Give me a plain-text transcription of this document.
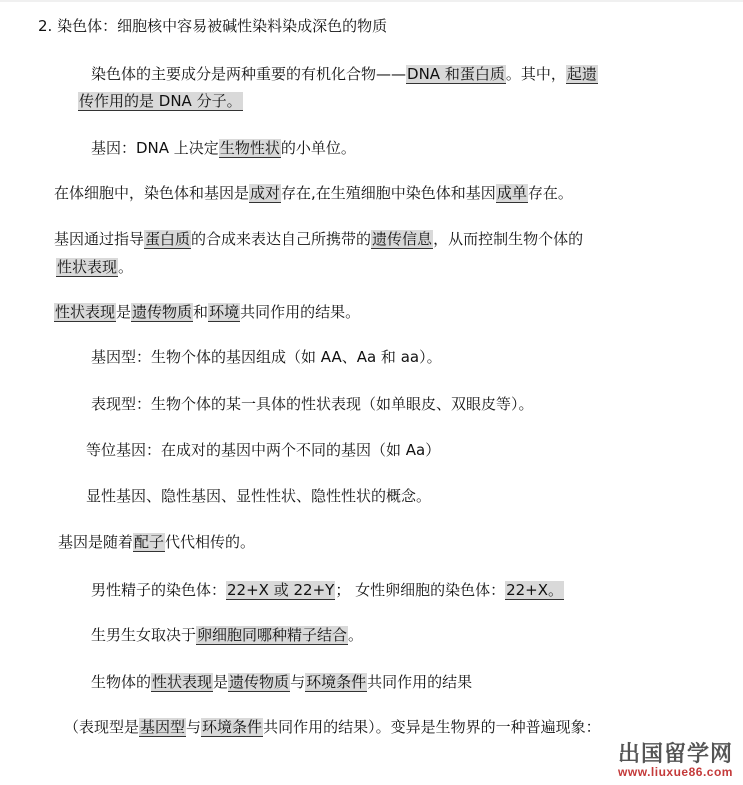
2. 染色体：细胞核中容易被碱性染料染成深色的物质
染色体的主要成分是两种重要的有机化合物——DNA 和蛋白质。其中，起遗
传作用的是 DNA 分子。
基因：DNA 上决定生物性状的小单位。
在体细胞中，染色体和基因是成对存在,在生殖细胞中染色体和基因成单存在。
基因通过指导蛋白质的合成来表达自己所携带的遗传信息，从而控制生物个体的
性状表现。
性状表现是遗传物质和环境共同作用的结果。
基因型：生物个体的基因组成（如 AA、Aa 和 aa）。
表现型：生物个体的某一具体的性状表现（如单眼皮、双眼皮等）。
等位基因：在成对的基因中两个不同的基因（如 Aa）
显性基因、隐性基因、显性性状、隐性性状的概念。
基因是随着配子代代相传的。
男性精子的染色体：22+X 或 22+Y； 女性卵细胞的染色体：22+X。
生男生女取决于卵细胞同哪种精子结合。
生物体的性状表现是遗传物质与环境条件共同作用的结果
（表现型是基因型与环境条件共同作用的结果）。变异是生物界的一种普遍现象：
出国留学网
www.liuxue86.com
